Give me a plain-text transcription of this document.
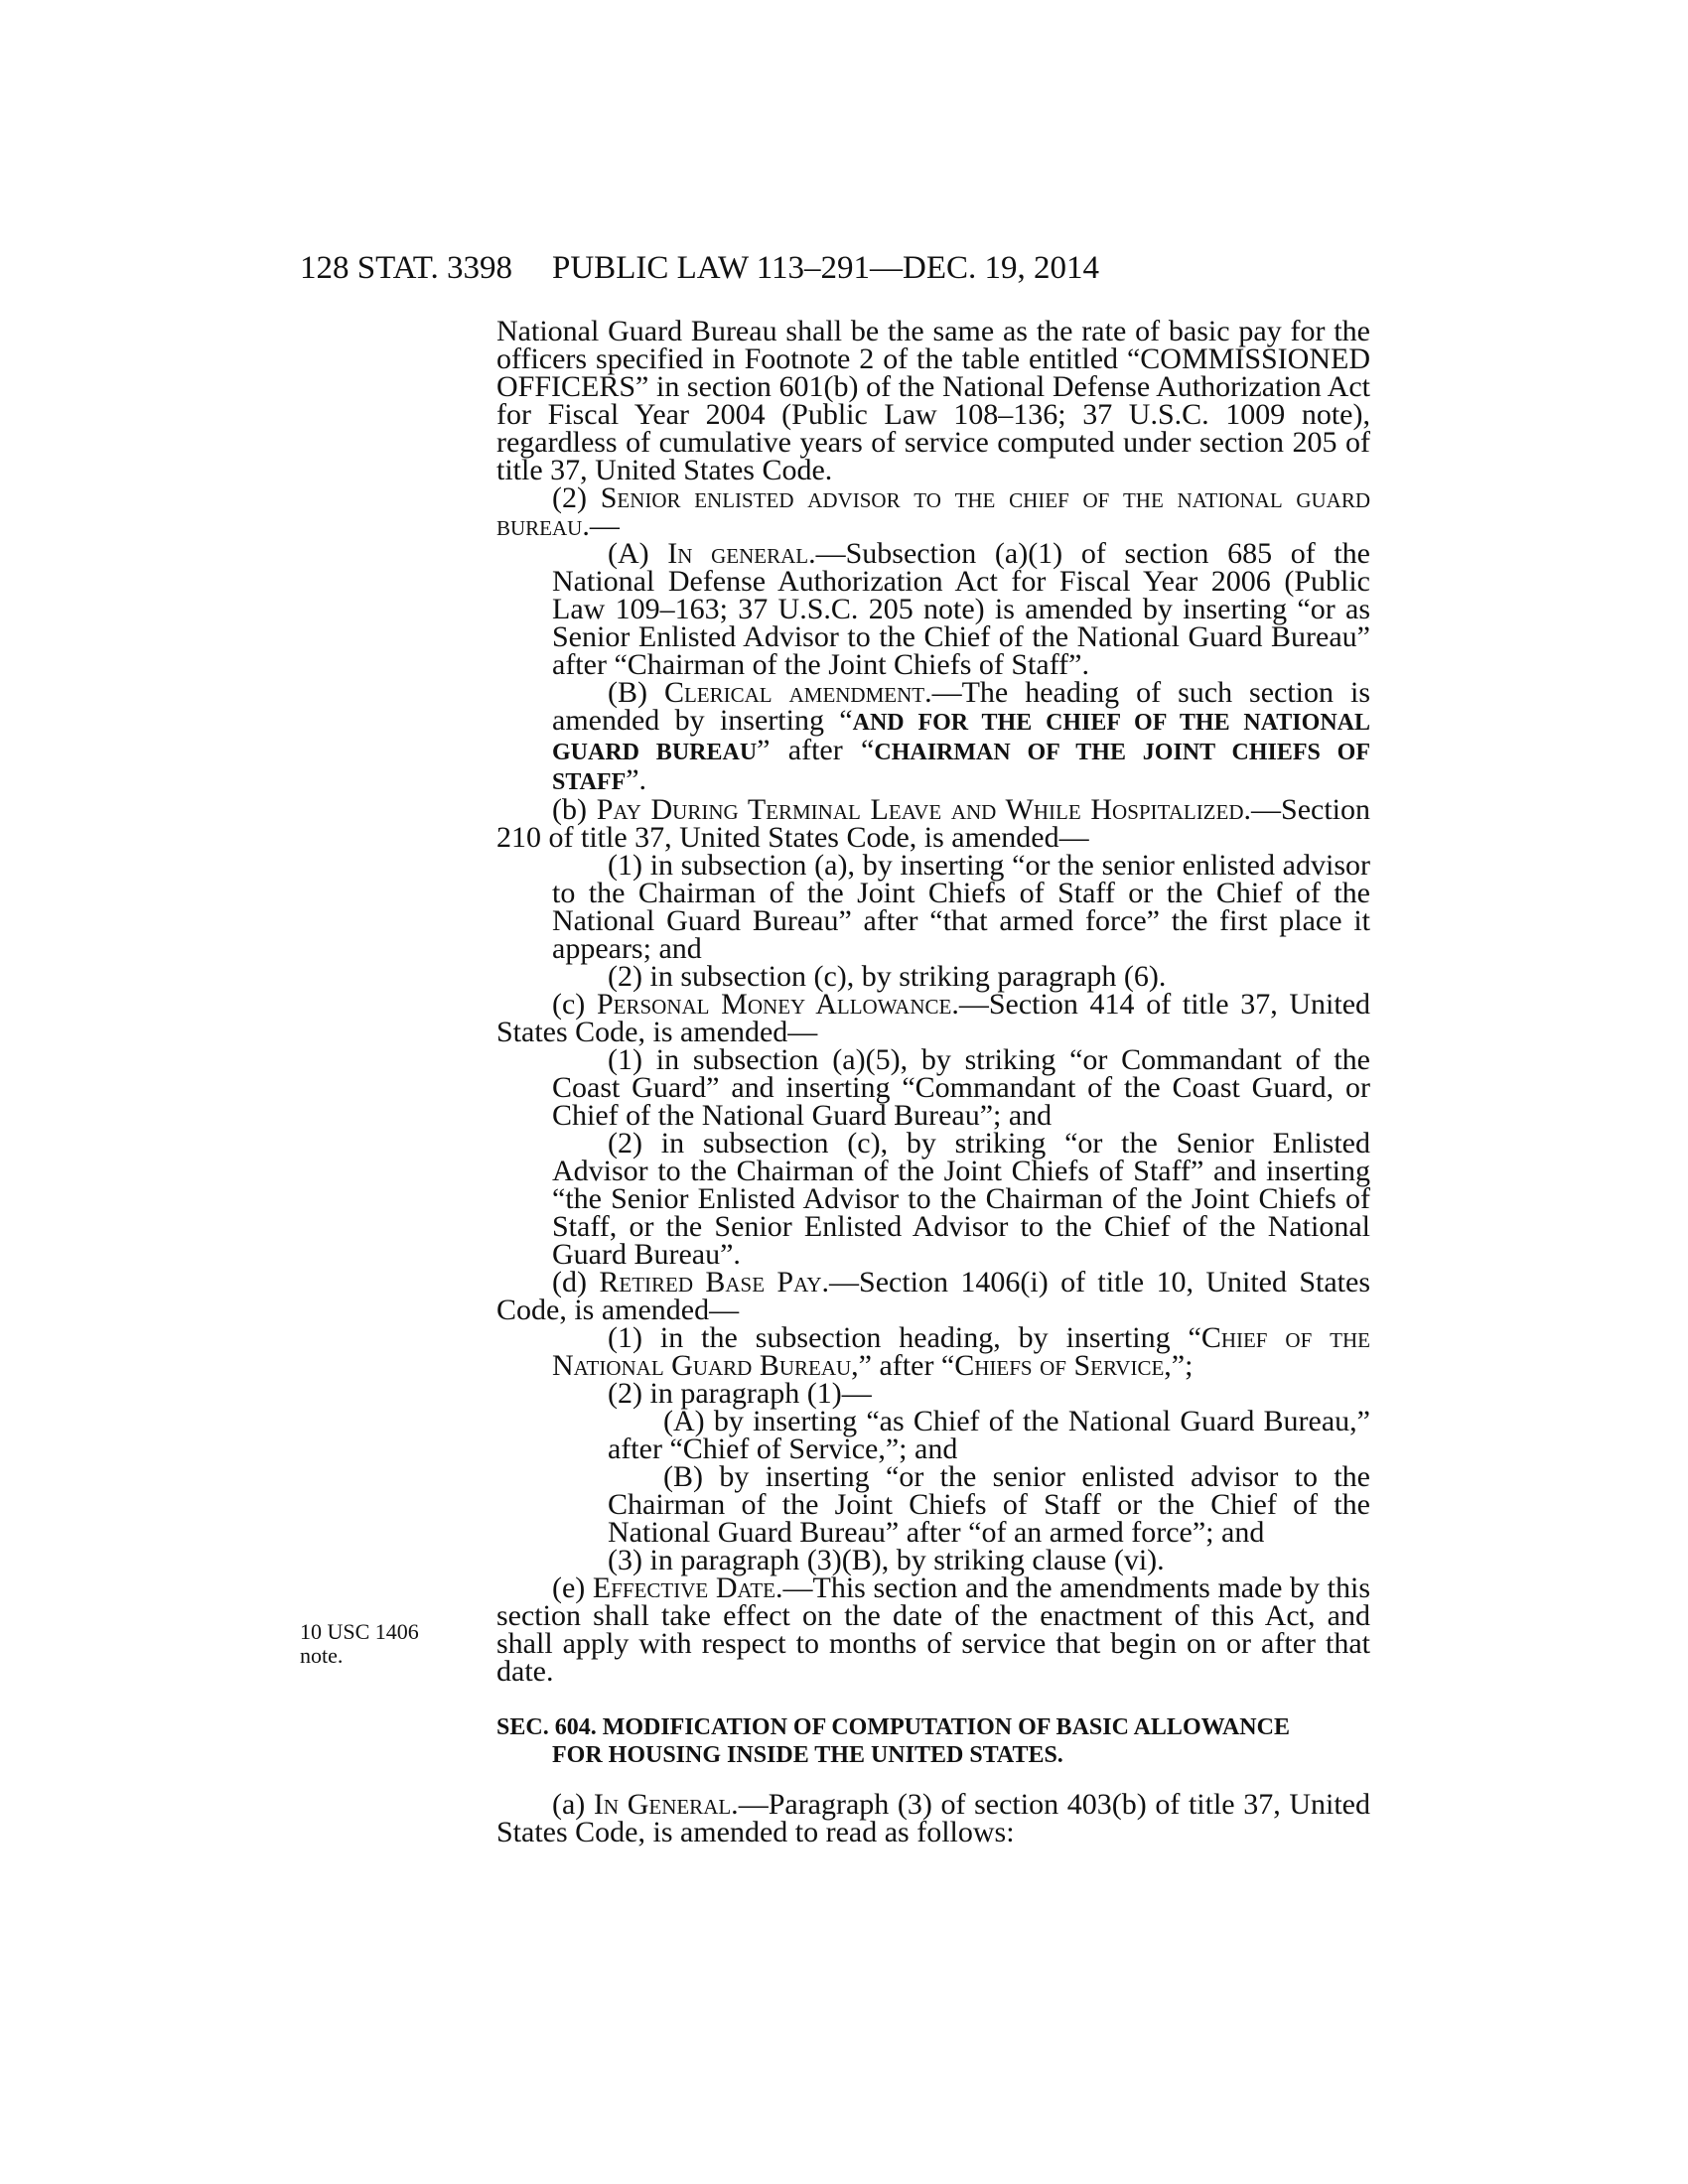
128 STAT. 3398 PUBLIC LAW 113–291—DEC. 19, 2014
10 USC 1406
note.

National Guard Bureau shall be the same as the rate of basic pay for the officers specified in Footnote 2 of the table entitled “COMMISSIONED OFFICERS” in section 601(b) of the National Defense Authorization Act for Fiscal Year 2004 (Public Law 108–136; 37 U.S.C. 1009 note), regardless of cumulative years of service computed under section 205 of title 37, United States Code.

(2) Senior enlisted advisor to the chief of the national guard bureau.—

(A) In general.—Subsection (a)(1) of section 685 of the National Defense Authorization Act for Fiscal Year 2006 (Public Law 109–163; 37 U.S.C. 205 note) is amended by inserting “or as Senior Enlisted Advisor to the Chief of the National Guard Bureau” after “Chairman of the Joint Chiefs of Staff”.

(B) Clerical amendment.—The heading of such section is amended by inserting “AND FOR THE CHIEF OF THE NATIONAL GUARD BUREAU” after “CHAIRMAN OF THE JOINT CHIEFS OF STAFF”.

(b) Pay During Terminal Leave and While Hospitalized.—Section 210 of title 37, United States Code, is amended—

(1) in subsection (a), by inserting “or the senior enlisted advisor to the Chairman of the Joint Chiefs of Staff or the Chief of the National Guard Bureau” after “that armed force” the first place it appears; and

(2) in subsection (c), by striking paragraph (6).

(c) Personal Money Allowance.—Section 414 of title 37, United States Code, is amended—

(1) in subsection (a)(5), by striking “or Commandant of the Coast Guard” and inserting “Commandant of the Coast Guard, or Chief of the National Guard Bureau”; and

(2) in subsection (c), by striking “or the Senior Enlisted Advisor to the Chairman of the Joint Chiefs of Staff” and inserting “the Senior Enlisted Advisor to the Chairman of the Joint Chiefs of Staff, or the Senior Enlisted Advisor to the Chief of the National Guard Bureau”.

(d) Retired Base Pay.—Section 1406(i) of title 10, United States Code, is amended—

(1) in the subsection heading, by inserting “Chief of the National Guard Bureau,” after “Chiefs of Service,”;

(2) in paragraph (1)—

(A) by inserting “as Chief of the National Guard Bureau,” after “Chief of Service,”; and

(B) by inserting “or the senior enlisted advisor to the Chairman of the Joint Chiefs of Staff or the Chief of the National Guard Bureau” after “of an armed force”; and

(3) in paragraph (3)(B), by striking clause (vi).

(e) Effective Date.—This section and the amendments made by this section shall take effect on the date of the enactment of this Act, and shall apply with respect to months of service that begin on or after that date.

SEC. 604. MODIFICATION OF COMPUTATION OF BASIC ALLOWANCE
FOR HOUSING INSIDE THE UNITED STATES.

(a) In General.—Paragraph (3) of section 403(b) of title 37, United States Code, is amended to read as follows:
